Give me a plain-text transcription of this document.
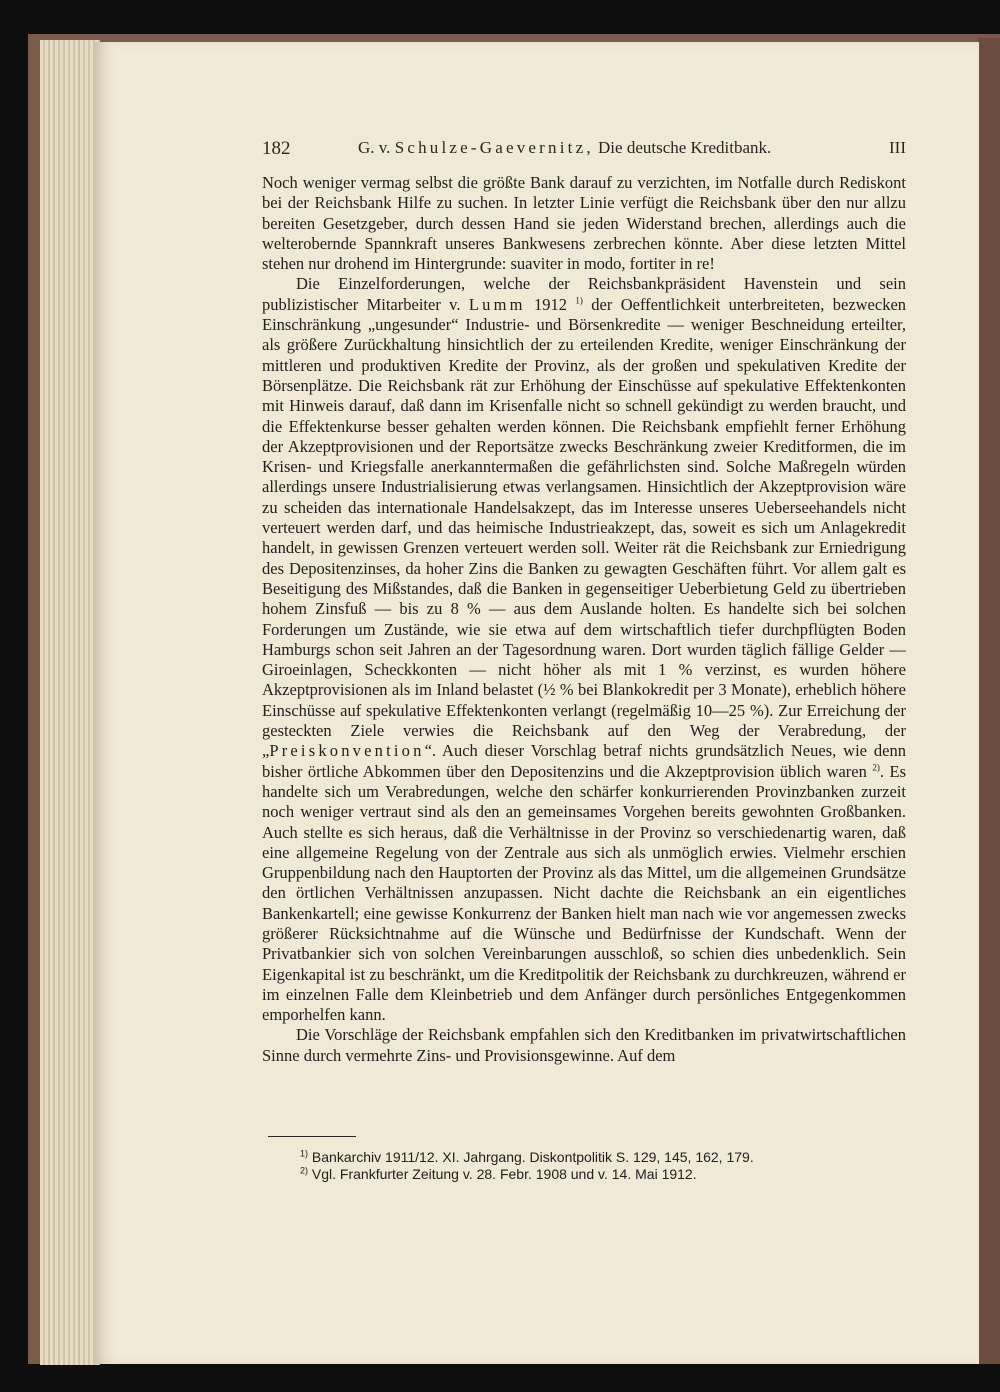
182	G. v. Schulze-Gaevernitz, Die deutsche Kreditbank.	III

Noch weniger vermag selbst die größte Bank darauf zu verzichten, im Notfalle durch Rediskont bei der Reichsbank Hilfe zu suchen. In letzter Linie verfügt die Reichsbank über den nur allzu bereiten Gesetzgeber, durch dessen Hand sie jeden Widerstand brechen, allerdings auch die welterobernde Spannkraft unseres Bankwesens zerbrechen könnte. Aber diese letzten Mittel stehen nur drohend im Hintergrunde: suaviter in modo, fortiter in re!

Die Einzelforderungen, welche der Reichsbankpräsident Havenstein und sein publizistischer Mitarbeiter v. Lumm 1912 $^{1)}$ der Oeffentlichkeit unterbreiteten, bezwecken Einschränkung „ungesunder“ Industrie- und Börsenkredite — weniger Beschneidung erteilter, als größere Zurückhaltung hinsichtlich der zu erteilenden Kredite, weniger Einschränkung der mittleren und produktiven Kredite der Provinz, als der großen und spekulativen Kredite der Börsenplätze. Die Reichsbank rät zur Erhöhung der Einschüsse auf spekulative Effektenkonten mit Hinweis darauf, daß dann im Krisenfalle nicht so schnell gekündigt zu werden braucht, und die Effektenkurse besser gehalten werden können. Die Reichsbank empfiehlt ferner Erhöhung der Akzeptprovisionen und der Reportsätze zwecks Beschränkung zweier Kreditformen, die im Krisen- und Kriegsfalle anerkanntermaßen die gefährlichsten sind. Solche Maßregeln würden allerdings unsere Industrialisierung etwas verlangsamen. Hinsichtlich der Akzeptprovision wäre zu scheiden das internationale Handelsakzept, das im Interesse unseres Ueberseehandels nicht verteuert werden darf, und das heimische Industrieakzept, das, soweit es sich um Anlagekredit handelt, in gewissen Grenzen verteuert werden soll. Weiter rät die Reichsbank zur Erniedrigung des Depositenzinses, da hoher Zins die Banken zu gewagten Geschäften führt. Vor allem galt es Beseitigung des Mißstandes, daß die Banken in gegenseitiger Ueberbietung Geld zu übertrieben hohem Zinsfuß — bis zu 8 % — aus dem Auslande holten. Es handelte sich bei solchen Forderungen um Zustände, wie sie etwa auf dem wirtschaftlich tiefer durchpflügten Boden Hamburgs schon seit Jahren an der Tagesordnung waren. Dort wurden täglich fällige Gelder — Giroeinlagen, Scheckkonten — nicht höher als mit 1 % verzinst, es wurden höhere Akzeptprovisionen als im Inland belastet (½ % bei Blankokredit per 3 Monate), erheblich höhere Einschüsse auf spekulative Effektenkonten verlangt (regelmäßig 10—25 %). Zur Erreichung der gesteckten Ziele verwies die Reichsbank auf den Weg der Verabredung, der „Preiskonvention“. Auch dieser Vorschlag betraf nichts grundsätzlich Neues, wie denn bisher örtliche Abkommen über den Depositenzins und die Akzeptprovision üblich waren $^{2)}$. Es handelte sich um Verabredungen, welche den schärfer konkurrierenden Provinzbanken zurzeit noch weniger vertraut sind als den an gemeinsames Vorgehen bereits gewohnten Großbanken. Auch stellte es sich heraus, daß die Verhältnisse in der Provinz so verschiedenartig waren, daß eine allgemeine Regelung von der Zentrale aus sich als unmöglich erwies. Vielmehr erschien Gruppenbildung nach den Hauptorten der Provinz als das Mittel, um die allgemeinen Grundsätze den örtlichen Verhältnissen anzupassen. Nicht dachte die Reichsbank an ein eigentliches Bankenkartell; eine gewisse Konkurrenz der Banken hielt man nach wie vor angemessen zwecks größerer Rücksichtnahme auf die Wünsche und Bedürfnisse der Kundschaft. Wenn der Privatbankier sich von solchen Vereinbarungen ausschloß, so schien dies unbedenklich. Sein Eigenkapital ist zu beschränkt, um die Kreditpolitik der Reichsbank zu durchkreuzen, während er im einzelnen Falle dem Kleinbetrieb und dem Anfänger durch persönliches Entgegenkommen emporhelfen kann.

Die Vorschläge der Reichsbank empfahlen sich den Kreditbanken im privatwirtschaftlichen Sinne durch vermehrte Zins- und Provisionsgewinne. Auf dem

$^{1)}$ Bankarchiv 1911/12. XI. Jahrgang. Diskontpolitik S. 129, 145, 162, 179.
$^{2)}$ Vgl. Frankfurter Zeitung v. 28. Febr. 1908 und v. 14. Mai 1912.
